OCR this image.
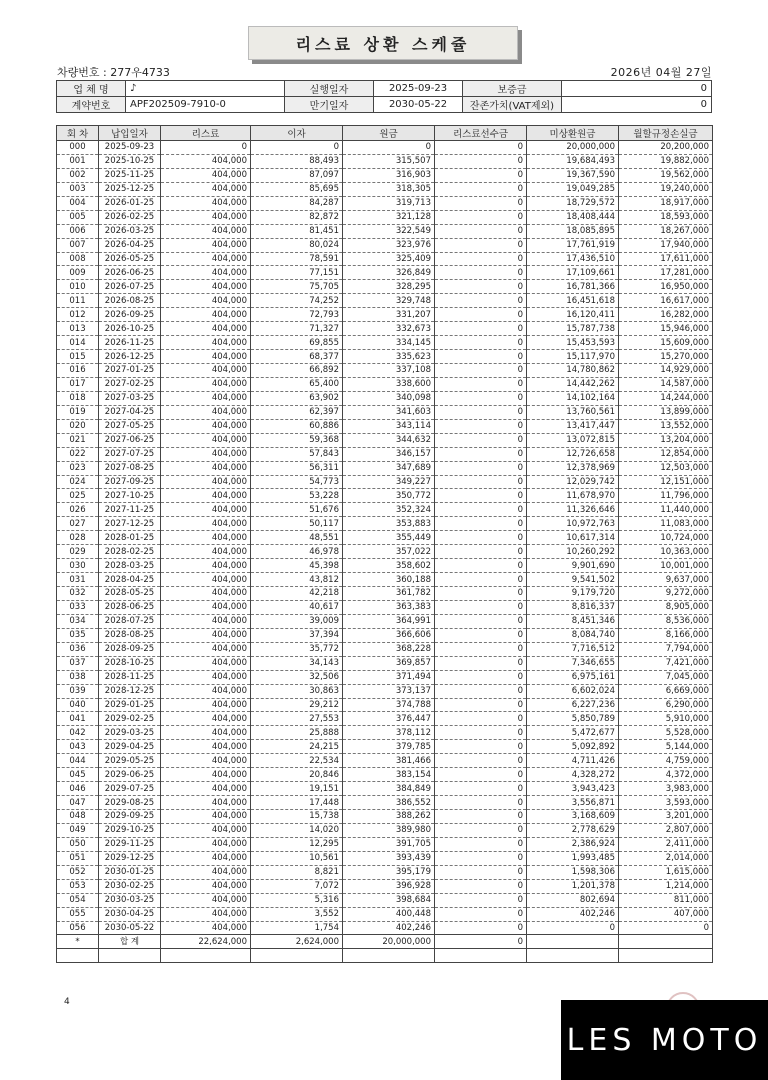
리스료 상환 스케쥴
차량번호 : 277우4733	2026년 04월 27일
업 체 명	♪	실행일자	2025-09-23	보증금	0
계약번호	APF202509-7910-0	만기일자	2030-05-22	잔존가치(VAT제외)	0
회 차	납입일자	리스료	이자	원금	리스료선수금	미상환원금	월할규정손실금
000	2025-09-23	0	0	0	0	20,000,000	20,200,000
001	2025-10-25	404,000	88,493	315,507	0	19,684,493	19,882,000
002	2025-11-25	404,000	87,097	316,903	0	19,367,590	19,562,000
003	2025-12-25	404,000	85,695	318,305	0	19,049,285	19,240,000
004	2026-01-25	404,000	84,287	319,713	0	18,729,572	18,917,000
005	2026-02-25	404,000	82,872	321,128	0	18,408,444	18,593,000
006	2026-03-25	404,000	81,451	322,549	0	18,085,895	18,267,000
007	2026-04-25	404,000	80,024	323,976	0	17,761,919	17,940,000
008	2026-05-25	404,000	78,591	325,409	0	17,436,510	17,611,000
009	2026-06-25	404,000	77,151	326,849	0	17,109,661	17,281,000
010	2026-07-25	404,000	75,705	328,295	0	16,781,366	16,950,000
011	2026-08-25	404,000	74,252	329,748	0	16,451,618	16,617,000
012	2026-09-25	404,000	72,793	331,207	0	16,120,411	16,282,000
013	2026-10-25	404,000	71,327	332,673	0	15,787,738	15,946,000
014	2026-11-25	404,000	69,855	334,145	0	15,453,593	15,609,000
015	2026-12-25	404,000	68,377	335,623	0	15,117,970	15,270,000
016	2027-01-25	404,000	66,892	337,108	0	14,780,862	14,929,000
017	2027-02-25	404,000	65,400	338,600	0	14,442,262	14,587,000
018	2027-03-25	404,000	63,902	340,098	0	14,102,164	14,244,000
019	2027-04-25	404,000	62,397	341,603	0	13,760,561	13,899,000
020	2027-05-25	404,000	60,886	343,114	0	13,417,447	13,552,000
021	2027-06-25	404,000	59,368	344,632	0	13,072,815	13,204,000
022	2027-07-25	404,000	57,843	346,157	0	12,726,658	12,854,000
023	2027-08-25	404,000	56,311	347,689	0	12,378,969	12,503,000
024	2027-09-25	404,000	54,773	349,227	0	12,029,742	12,151,000
025	2027-10-25	404,000	53,228	350,772	0	11,678,970	11,796,000
026	2027-11-25	404,000	51,676	352,324	0	11,326,646	11,440,000
027	2027-12-25	404,000	50,117	353,883	0	10,972,763	11,083,000
028	2028-01-25	404,000	48,551	355,449	0	10,617,314	10,724,000
029	2028-02-25	404,000	46,978	357,022	0	10,260,292	10,363,000
030	2028-03-25	404,000	45,398	358,602	0	9,901,690	10,001,000
031	2028-04-25	404,000	43,812	360,188	0	9,541,502	9,637,000
032	2028-05-25	404,000	42,218	361,782	0	9,179,720	9,272,000
033	2028-06-25	404,000	40,617	363,383	0	8,816,337	8,905,000
034	2028-07-25	404,000	39,009	364,991	0	8,451,346	8,536,000
035	2028-08-25	404,000	37,394	366,606	0	8,084,740	8,166,000
036	2028-09-25	404,000	35,772	368,228	0	7,716,512	7,794,000
037	2028-10-25	404,000	34,143	369,857	0	7,346,655	7,421,000
038	2028-11-25	404,000	32,506	371,494	0	6,975,161	7,045,000
039	2028-12-25	404,000	30,863	373,137	0	6,602,024	6,669,000
040	2029-01-25	404,000	29,212	374,788	0	6,227,236	6,290,000
041	2029-02-25	404,000	27,553	376,447	0	5,850,789	5,910,000
042	2029-03-25	404,000	25,888	378,112	0	5,472,677	5,528,000
043	2029-04-25	404,000	24,215	379,785	0	5,092,892	5,144,000
044	2029-05-25	404,000	22,534	381,466	0	4,711,426	4,759,000
045	2029-06-25	404,000	20,846	383,154	0	4,328,272	4,372,000
046	2029-07-25	404,000	19,151	384,849	0	3,943,423	3,983,000
047	2029-08-25	404,000	17,448	386,552	0	3,556,871	3,593,000
048	2029-09-25	404,000	15,738	388,262	0	3,168,609	3,201,000
049	2029-10-25	404,000	14,020	389,980	0	2,778,629	2,807,000
050	2029-11-25	404,000	12,295	391,705	0	2,386,924	2,411,000
051	2029-12-25	404,000	10,561	393,439	0	1,993,485	2,014,000
052	2030-01-25	404,000	8,821	395,179	0	1,598,306	1,615,000
053	2030-02-25	404,000	7,072	396,928	0	1,201,378	1,214,000
054	2030-03-25	404,000	5,316	398,684	0	802,694	811,000
055	2030-04-25	404,000	3,552	400,448	0	402,246	407,000
056	2030-05-22	404,000	1,754	402,246	0	0	0
*	합 계	22,624,000	2,624,000	20,000,000	0		

4
LES MOTO
